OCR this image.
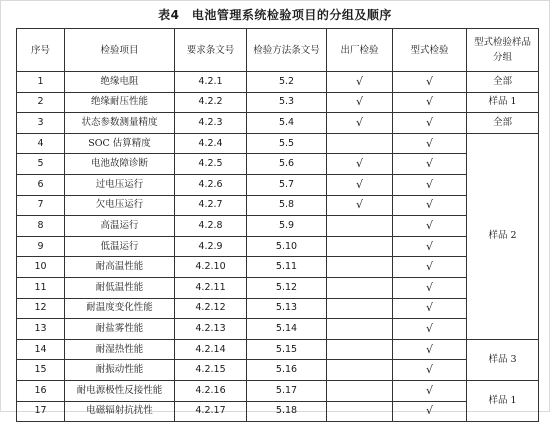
表4　电池管理系统检验项目的分组及顺序
序号	检验项目	要求条文号	检验方法条文号	出厂检验	型式检验	型式检验样品分组
1	绝缘电阻	4.2.1	5.2	√	√	全部
2	绝缘耐压性能	4.2.2	5.3	√	√	样品 1
3	状态参数测量精度	4.2.3	5.4	√	√	全部
4	SOC 估算精度	4.2.4	5.5		√	样品 2
5	电池故障诊断	4.2.5	5.6	√	√	
6	过电压运行	4.2.6	5.7	√	√	
7	欠电压运行	4.2.7	5.8	√	√	
8	高温运行	4.2.8	5.9		√	
9	低温运行	4.2.9	5.10		√	
10	耐高温性能	4.2.10	5.11		√	
11	耐低温性能	4.2.11	5.12		√	
12	耐温度变化性能	4.2.12	5.13		√	
13	耐盐雾性能	4.2.13	5.14		√	
14	耐湿热性能	4.2.14	5.15		√	样品 3
15	耐振动性能	4.2.15	5.16		√	
16	耐电源极性反接性能	4.2.16	5.17		√	样品 1
17	电磁辐射抗扰性	4.2.17	5.18		√	
